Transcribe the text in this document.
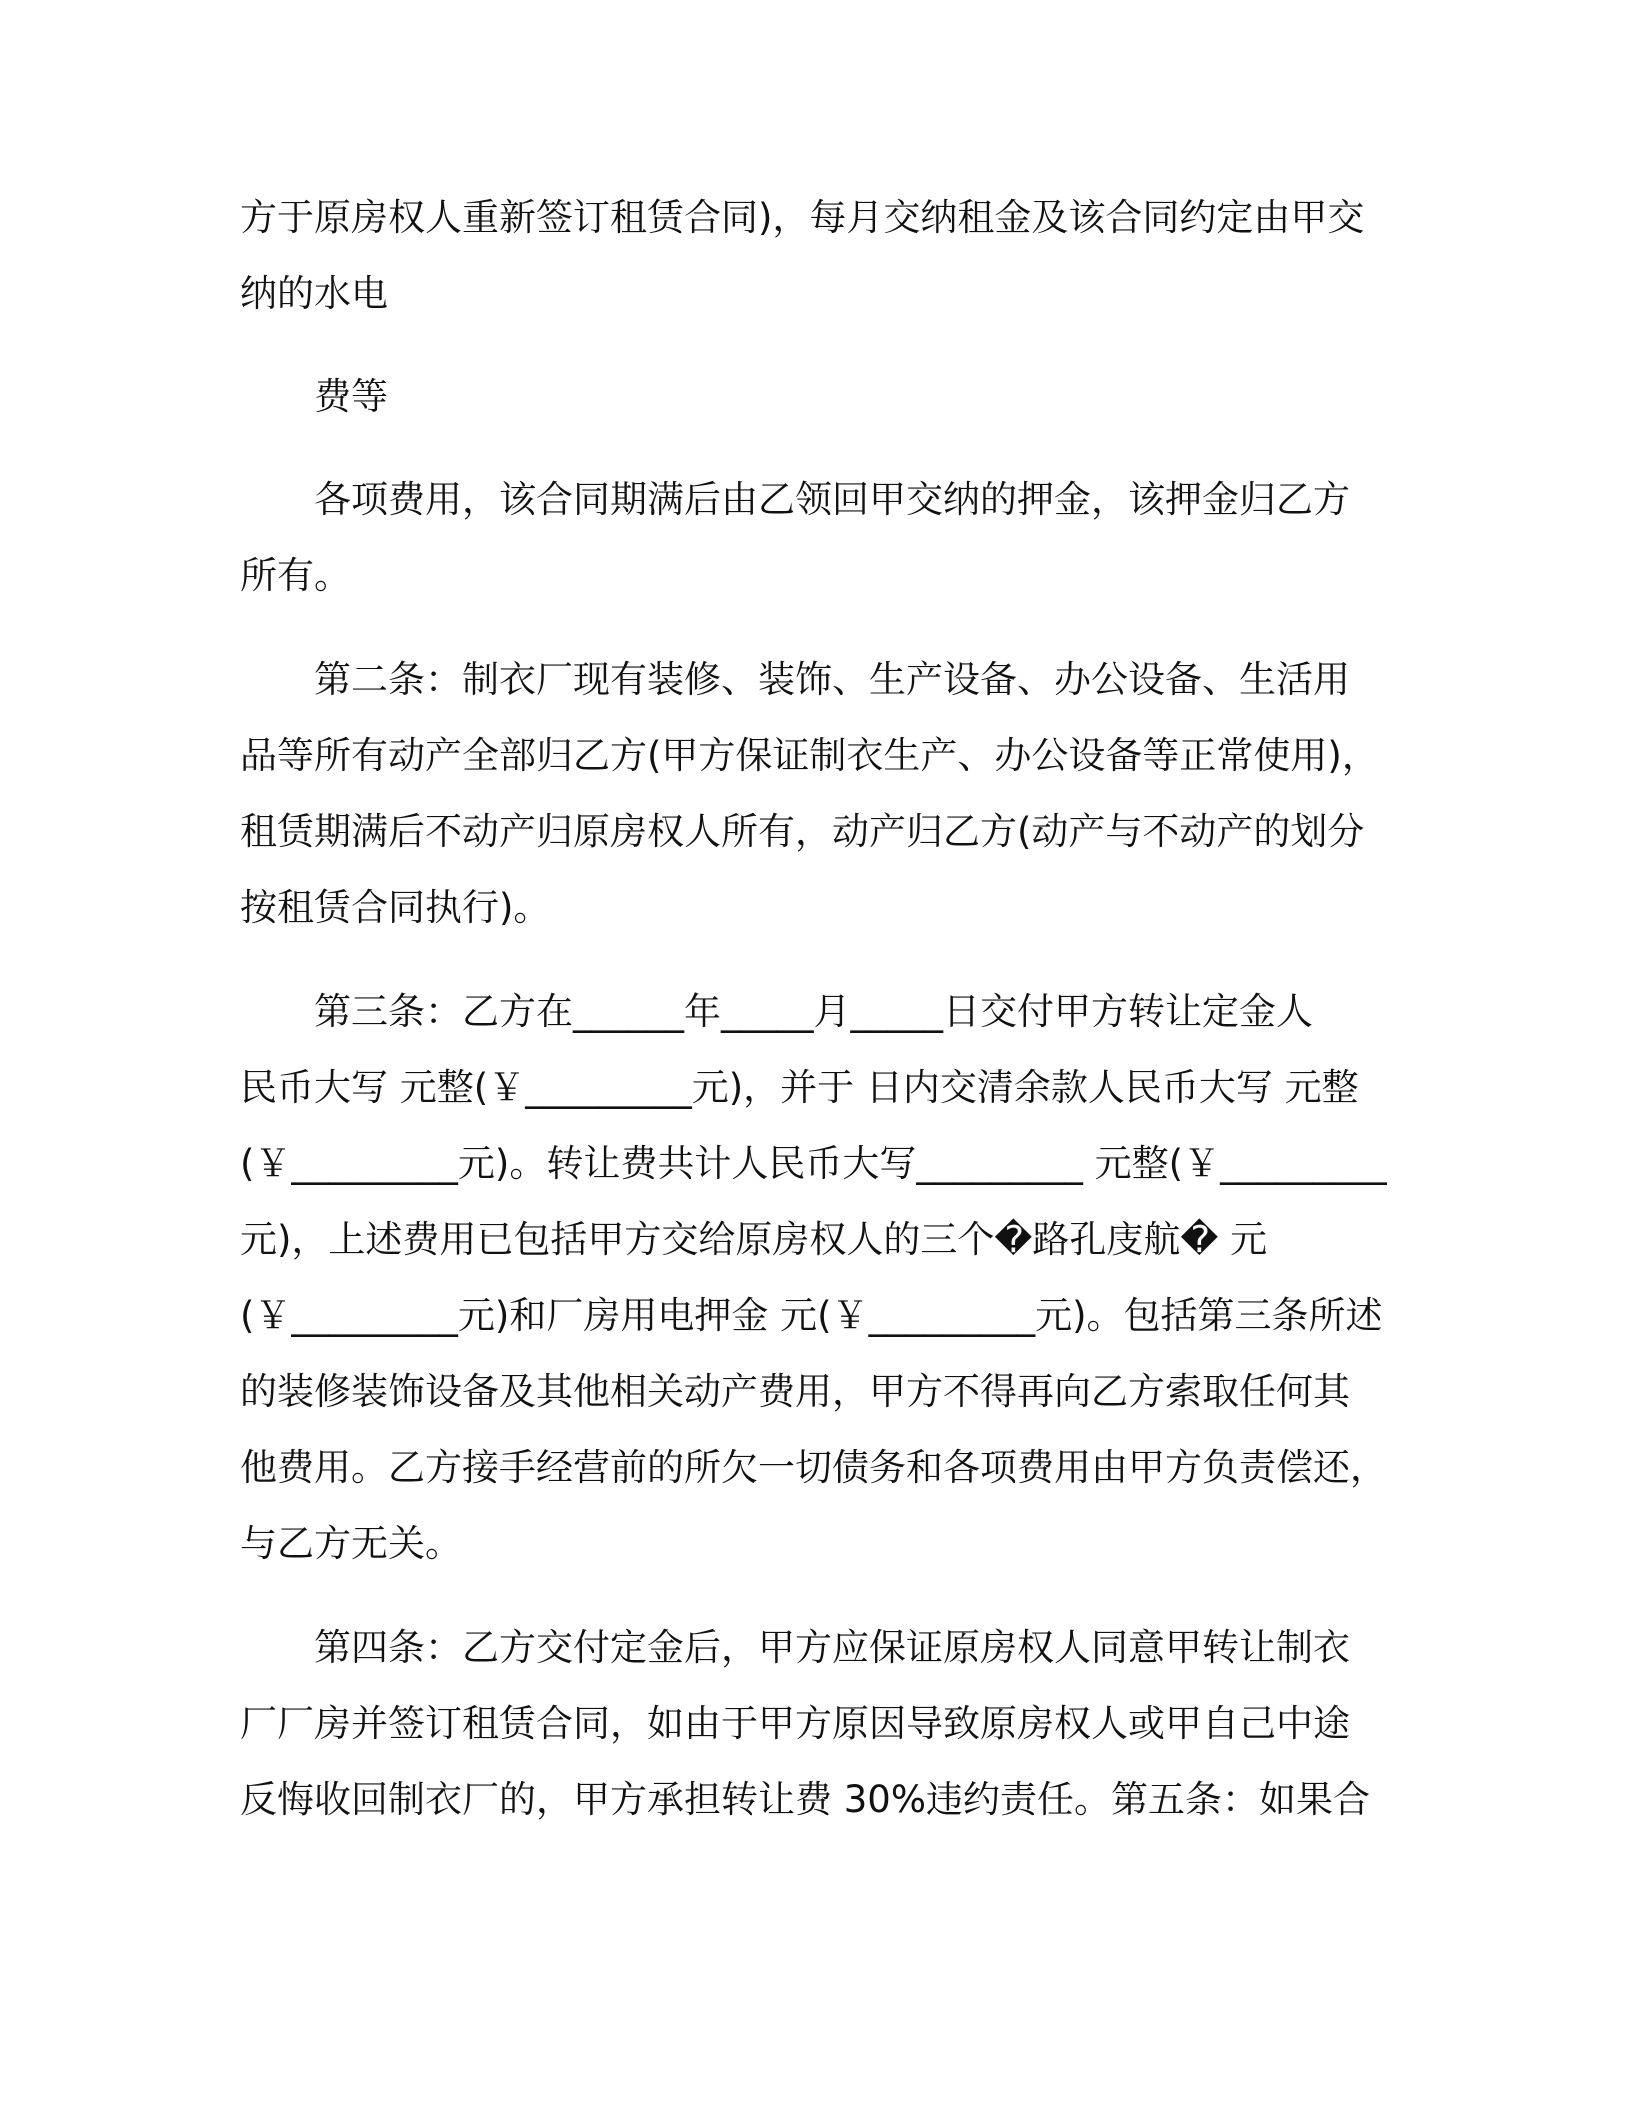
方于原房权人重新签订租赁合同)，每月交纳租金及该合同约定由甲交
纳的水电
费等
各项费用，该合同期满后由乙领回甲交纳的押金，该押金归乙方
所有。
第二条：制衣厂现有装修、装饰、生产设备、办公设备、生活用
品等所有动产全部归乙方(甲方保证制衣生产、办公设备等正常使用)，
租赁期满后不动产归原房权人所有，动产归乙方(动产与不动产的划分
按租赁合同执行)。
第三条：乙方在______年_____月_____日交付甲方转让定金人
民币大写 元整(￥_________元)，并于 日内交清余款人民币大写 元整
(￥_________元)。转让费共计人民币大写_________ 元整(￥_________
元)，上述费用已包括甲方交给原房权人的三个�路孔庋航� 元
(￥_________元)和厂房用电押金 元(￥_________元)。包括第三条所述
的装修装饰设备及其他相关动产费用，甲方不得再向乙方索取任何其
他费用。乙方接手经营前的所欠一切债务和各项费用由甲方负责偿还，
与乙方无关。
第四条：乙方交付定金后，甲方应保证原房权人同意甲转让制衣
厂厂房并签订租赁合同，如由于甲方原因导致原房权人或甲自己中途
反悔收回制衣厂的，甲方承担转让费 30%违约责任。第五条：如果合
